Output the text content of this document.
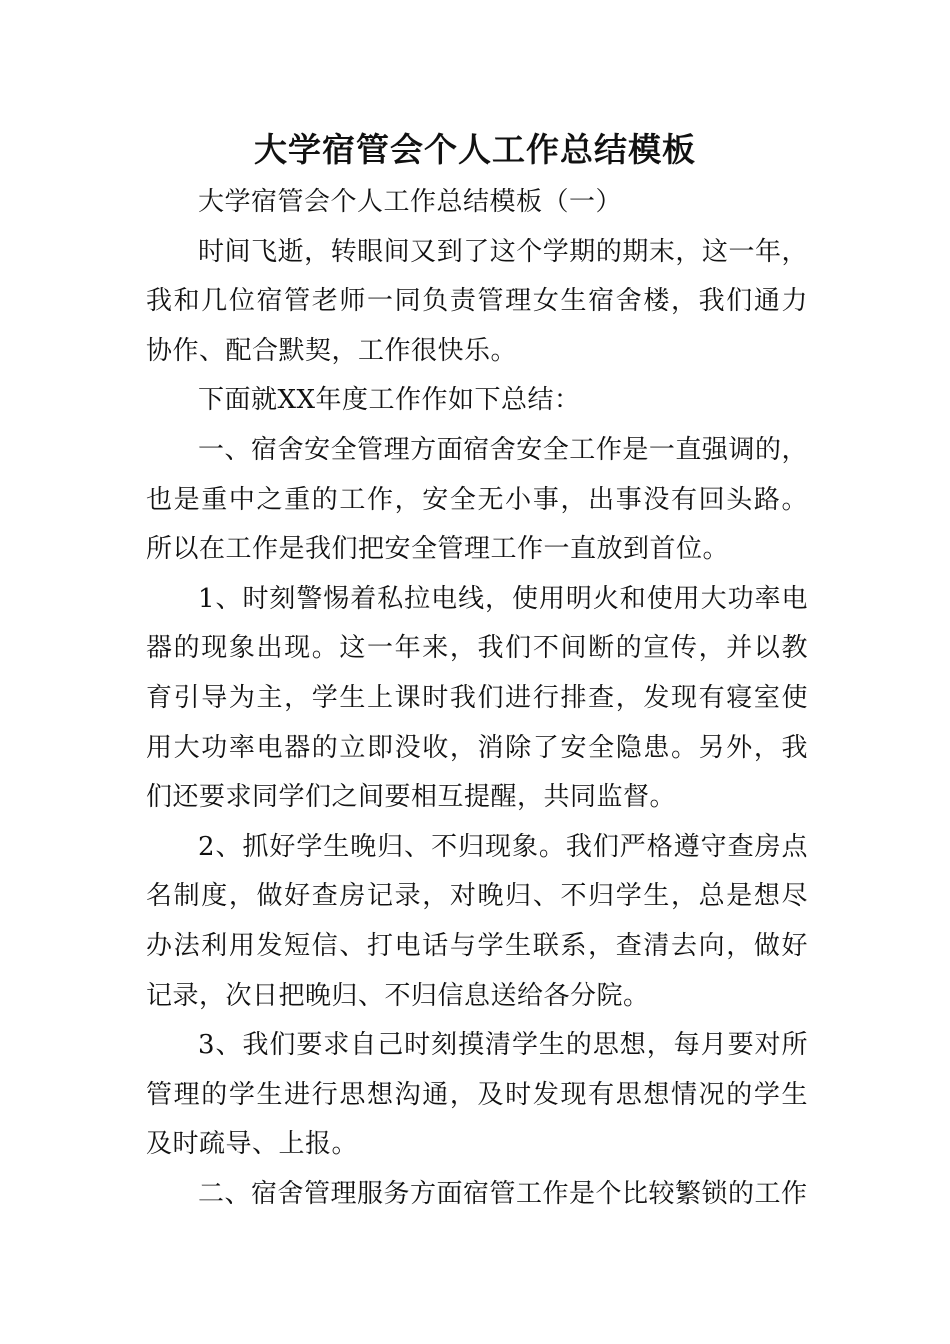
大学宿管会个人工作总结模板

大学宿管会个人工作总结模板（一）

时间飞逝，转眼间又到了这个学期的期末，这一年，我和几位宿管老师一同负责管理女生宿舍楼，我们通力协作、配合默契，工作很快乐。

下面就XX年度工作作如下总结：

一、宿舍安全管理方面宿舍安全工作是一直强调的，也是重中之重的工作，安全无小事，出事没有回头路。所以在工作是我们把安全管理工作一直放到首位。

1、时刻警惕着私拉电线，使用明火和使用大功率电器的现象出现。这一年来，我们不间断的宣传，并以教育引导为主，学生上课时我们进行排查，发现有寝室使用大功率电器的立即没收，消除了安全隐患。另外，我们还要求同学们之间要相互提醒，共同监督。

2、抓好学生晚归、不归现象。我们严格遵守查房点名制度，做好查房记录，对晚归、不归学生，总是想尽办法利用发短信、打电话与学生联系，查清去向，做好记录，次日把晚归、不归信息送给各分院。

3、我们要求自己时刻摸清学生的思想，每月要对所管理的学生进行思想沟通，及时发现有思想情况的学生及时疏导、上报。

二、宿舍管理服务方面宿管工作是个比较繁锁的工作
